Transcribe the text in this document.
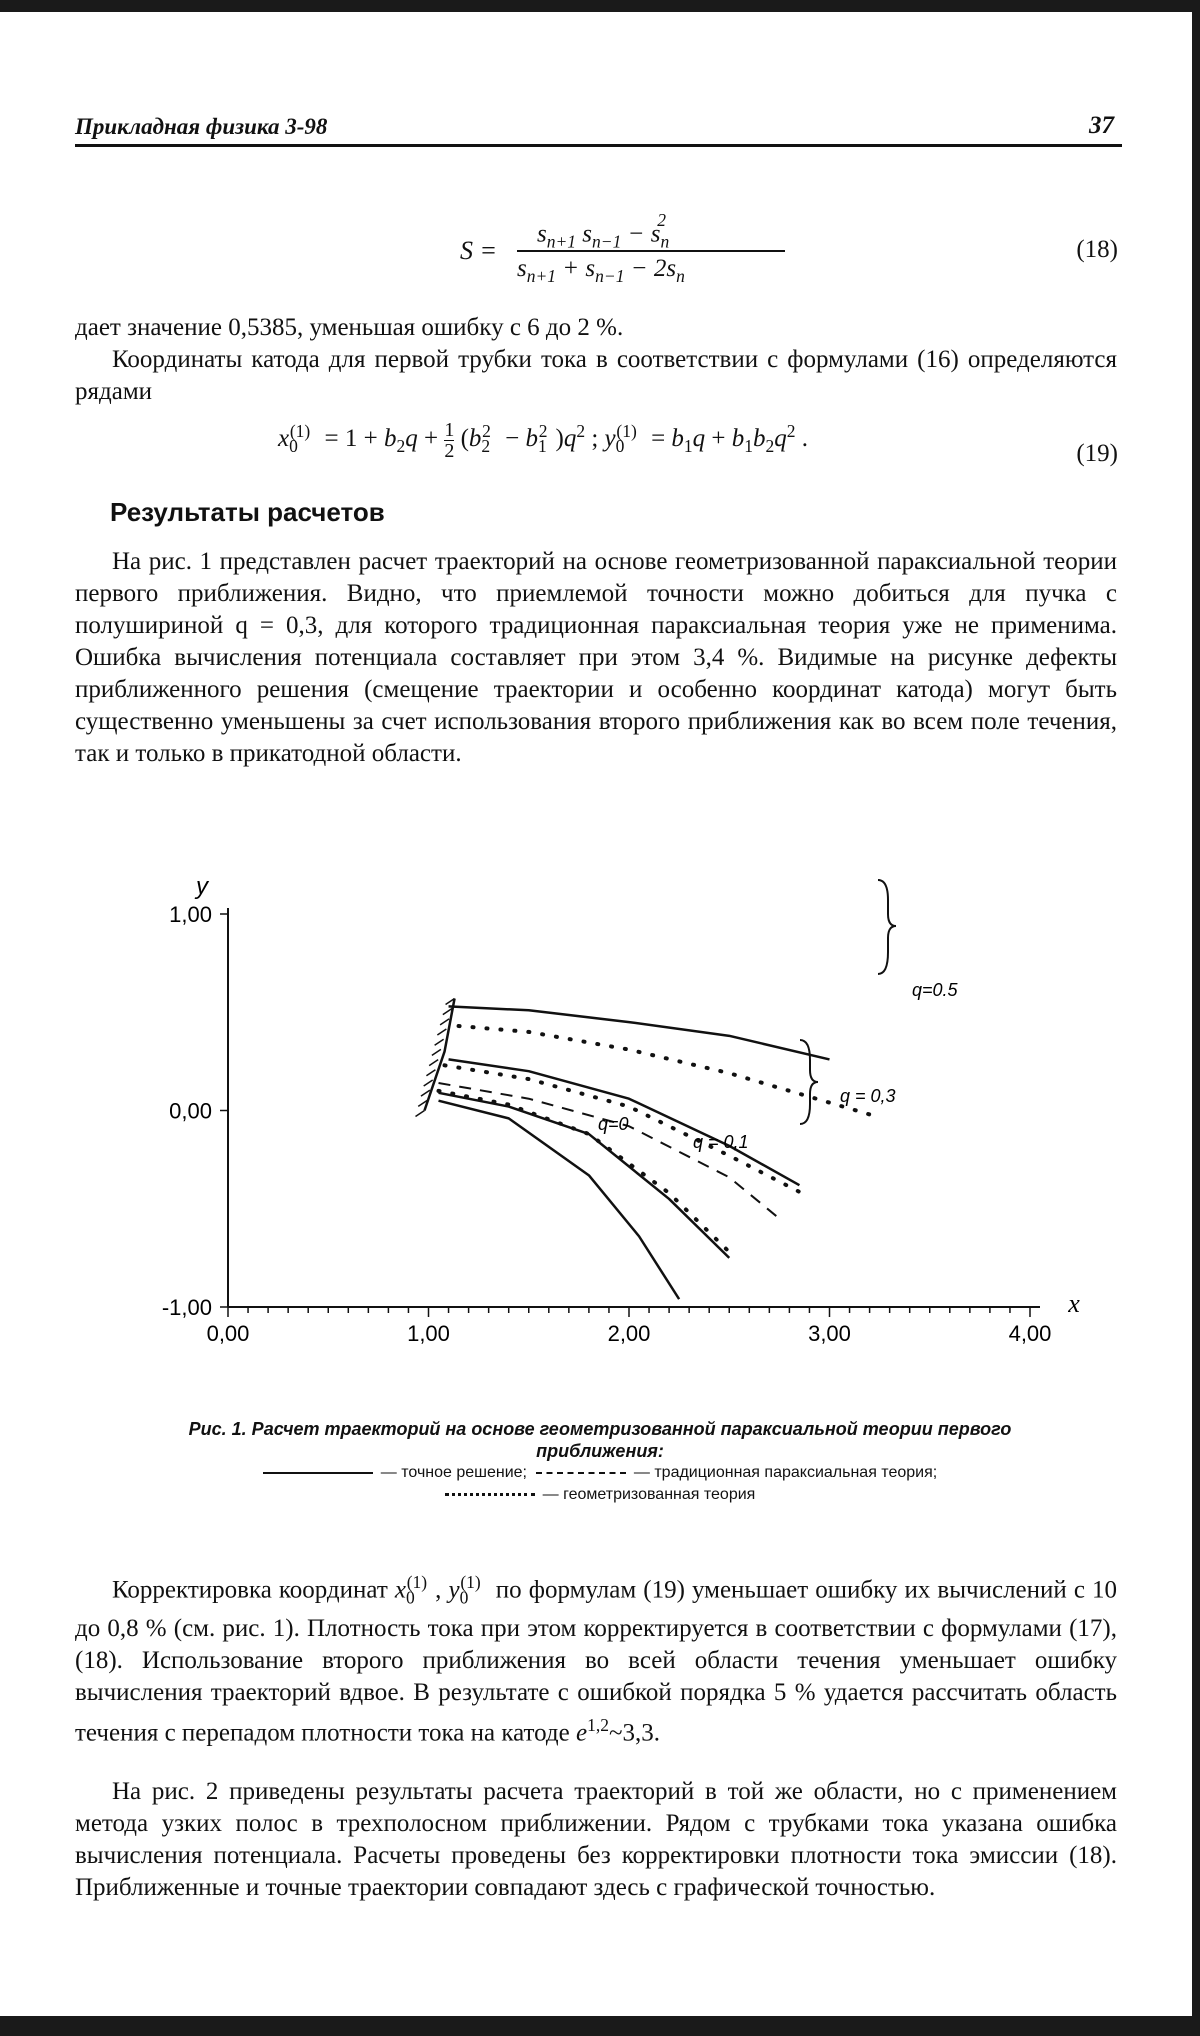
Прикладная физика 3-98	37
S =
$s_{n+1}$ $s_{n-1} - s_n^2$
$s_{n+1} + s_{n-1} - 2s_n$
(18)
дает значение 0,5385, уменьшая ошибку с 6 до 2 %.
Координаты катода для первой трубки тока в соответствии с формулами (16) определяются рядами
$x_0^{(1)} = 1 + b_2q + 1$

2 ($b_2^2 - b_1^2$ )$q^2$ ; $y_0^{(1)} = b_1q + b_1b_2q^2$ .
(19)
Результаты расчетов
На рис. 1 представлен расчет траекторий на основе геометризованной параксиальной теории первого приближения. Видно, что приемлемой точности можно добиться для пучка с полушириной q = 0,3, для которого традиционная параксиальная теория уже не применима. Ошибка вычисления потенциала составляет при этом 3,4 %. Видимые на рисунке дефекты приближенного решения (смещение траектории и особенно координат катода) могут быть существенно уменьшены за счет использования второго приближения как во всем поле течения, так и только в прикатодной области.
0,00	1,00	2,00	3,00	4,00
1,00
0,00
-1,00
y
x
q=0.5
q = 0,3
q=0
q = 0,1
Рис. 1. Расчет траекторий на основе геометризованной параксиальной теории первого приближения:
— точное решение;	— традиционная параксиальная теория;
— геометризованная теория
Корректировка координат $x_0^{(1)}$ , $y_0^{(1)}$ по формулам (19) уменьшает ошибку их вычислений с 10 до 0,8 % (см. рис. 1). Плотность тока при этом корректируется в соответствии с формулами (17), (18). Использование второго приближения во всей области течения уменьшает ошибку вычисления траекторий вдвое. В результате с ошибкой порядка 5 % удается рассчитать область течения с перепадом плотности тока на катоде $e^{1,2}\sim 3,3$.
На рис. 2 приведены результаты расчета траекторий в той же области, но с применением метода узких полос в трехполосном приближении. Рядом с трубками тока указана ошибка вычисления потенциала. Расчеты проведены без корректировки плотности тока эмиссии (18). Приближенные и точные траектории совпадают здесь с графической точностью.
